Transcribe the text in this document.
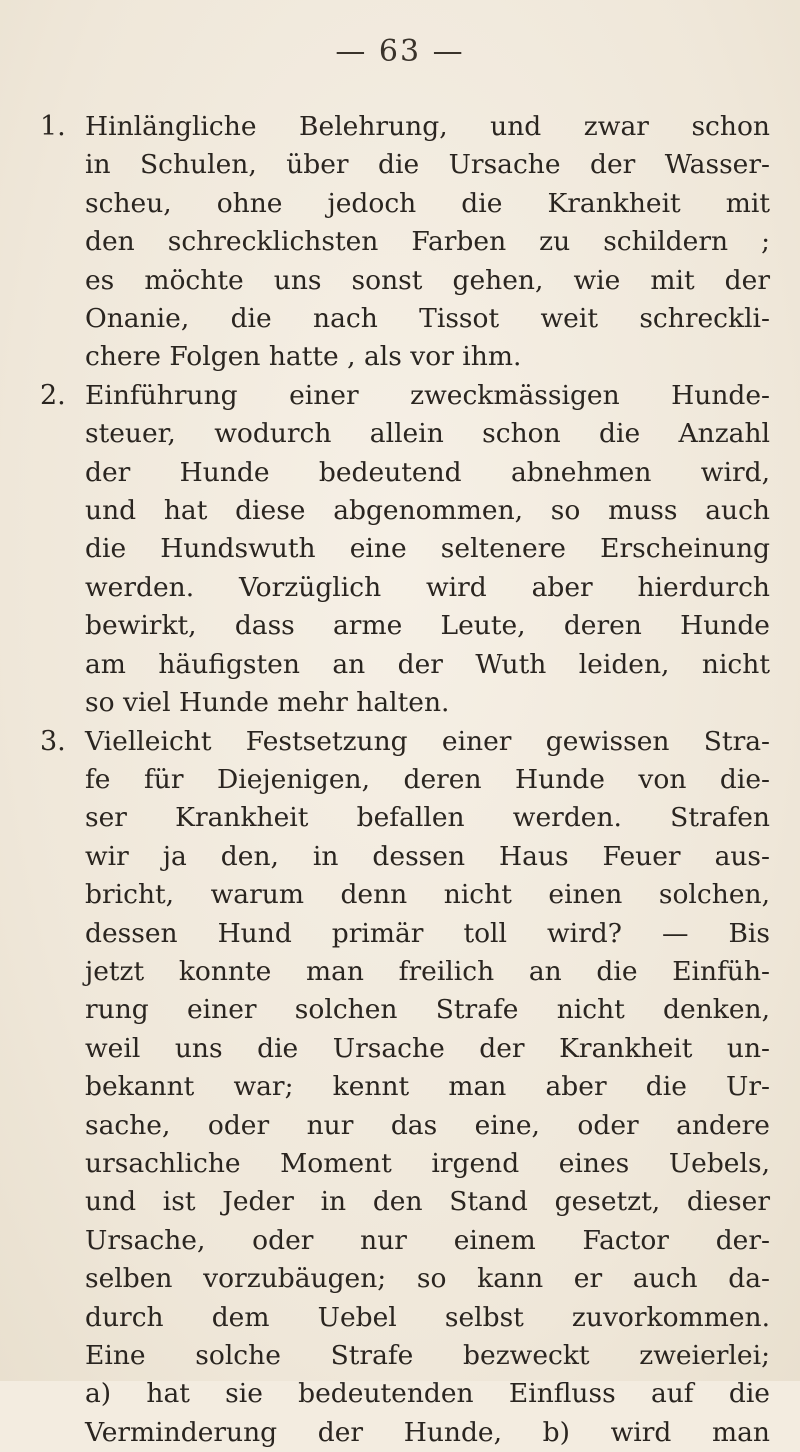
— 63 —
1. Hinlängliche Belehrung, und zwar schon
in Schulen, über die Ursache der Wasser-
scheu, ohne jedoch die Krankheit mit
den schrecklichsten Farben zu schildern ;
es möchte uns sonst gehen, wie mit der
Onanie, die nach Tissot weit schreckli-
chere Folgen hatte , als vor ihm.
2. Einführung einer zweckmässigen Hunde-
steuer, wodurch allein schon die Anzahl
der Hunde bedeutend abnehmen wird,
und hat diese abgenommen, so muss auch
die Hundswuth eine seltenere Erscheinung
werden. Vorzüglich wird aber hierdurch
bewirkt, dass arme Leute, deren Hunde
am häufigsten an der Wuth leiden, nicht
so viel Hunde mehr halten.
3. Vielleicht Festsetzung einer gewissen Stra-
fe für Diejenigen, deren Hunde von die-
ser Krankheit befallen werden. Strafen
wir ja den, in dessen Haus Feuer aus-
bricht, warum denn nicht einen solchen,
dessen Hund primär toll wird? — Bis
jetzt konnte man freilich an die Einfüh-
rung einer solchen Strafe nicht denken,
weil uns die Ursache der Krankheit un-
bekannt war; kennt man aber die Ur-
sache, oder nur das eine, oder andere
ursachliche Moment irgend eines Uebels,
und ist Jeder in den Stand gesetzt, dieser
Ursache, oder nur einem Factor der-
selben vorzubäugen; so kann er auch da-
durch dem Uebel selbst zuvorkommen.
Eine solche Strafe bezweckt zweierlei;
a) hat sie bedeutenden Einfluss auf die
Verminderung der Hunde, b) wird man
